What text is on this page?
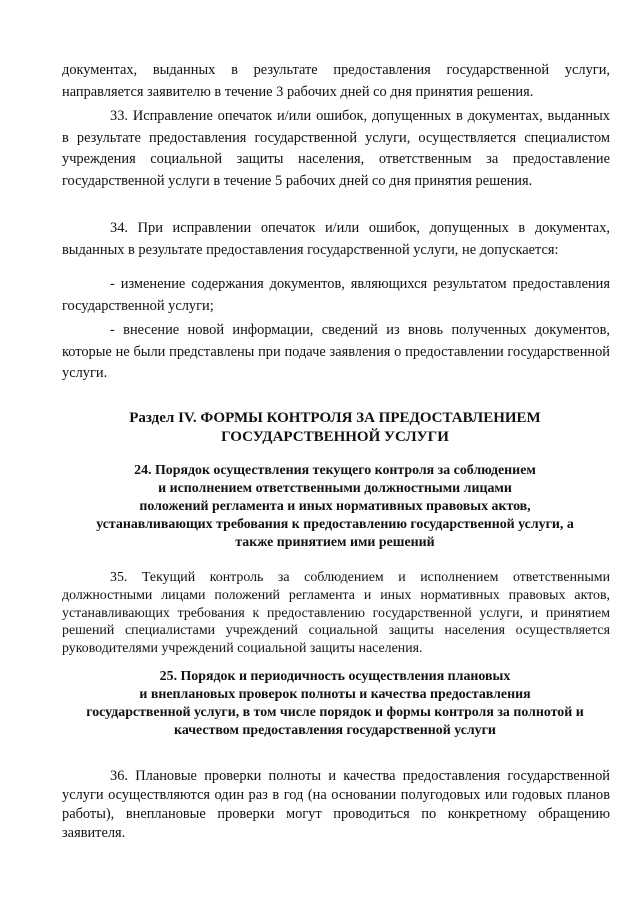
документах, выданных в результате предоставления государственной услуги, направляется заявителю в течение 3 рабочих дней со дня принятия решения.

33. Исправление опечаток и/или ошибок, допущенных в документах, выданных в результате предоставления государственной услуги, осуществляется специалистом учреждения социальной защиты населения, ответственным за предоставление государственной услуги в течение 5 рабочих дней со дня принятия решения.

34. При исправлении опечаток и/или ошибок, допущенных в документах, выданных в результате предоставления государственной услуги, не допускается:

- изменение содержания документов, являющихся результатом предоставления государственной услуги;

- внесение новой информации, сведений из вновь полученных документов, которые не были представлены при подаче заявления о предоставлении государственной услуги.

Раздел IV. ФОРМЫ КОНТРОЛЯ ЗА ПРЕДОСТАВЛЕНИЕМ
ГОСУДАРСТВЕННОЙ УСЛУГИ
24. Порядок осуществления текущего контроля за соблюдением
и исполнением ответственными должностными лицами
положений регламента и иных нормативных правовых актов,
устанавливающих требования к предоставлению государственной услуги, а
также принятием ими решений

35. Текущий контроль за соблюдением и исполнением ответственными должностными лицами положений регламента и иных нормативных правовых актов, устанавливающих требования к предоставлению государственной услуги, и принятием решений специалистами учреждений социальной защиты населения осуществляется руководителями учреждений социальной защиты населения.

25. Порядок и периодичность осуществления плановых
и внеплановых проверок полноты и качества предоставления
государственной услуги, в том числе порядок и формы контроля за полнотой и
качеством предоставления государственной услуги

36. Плановые проверки полноты и качества предоставления государственной услуги осуществляются один раз в год (на основании полугодовых или годовых планов работы), внеплановые проверки могут проводиться по конкретному обращению заявителя.
